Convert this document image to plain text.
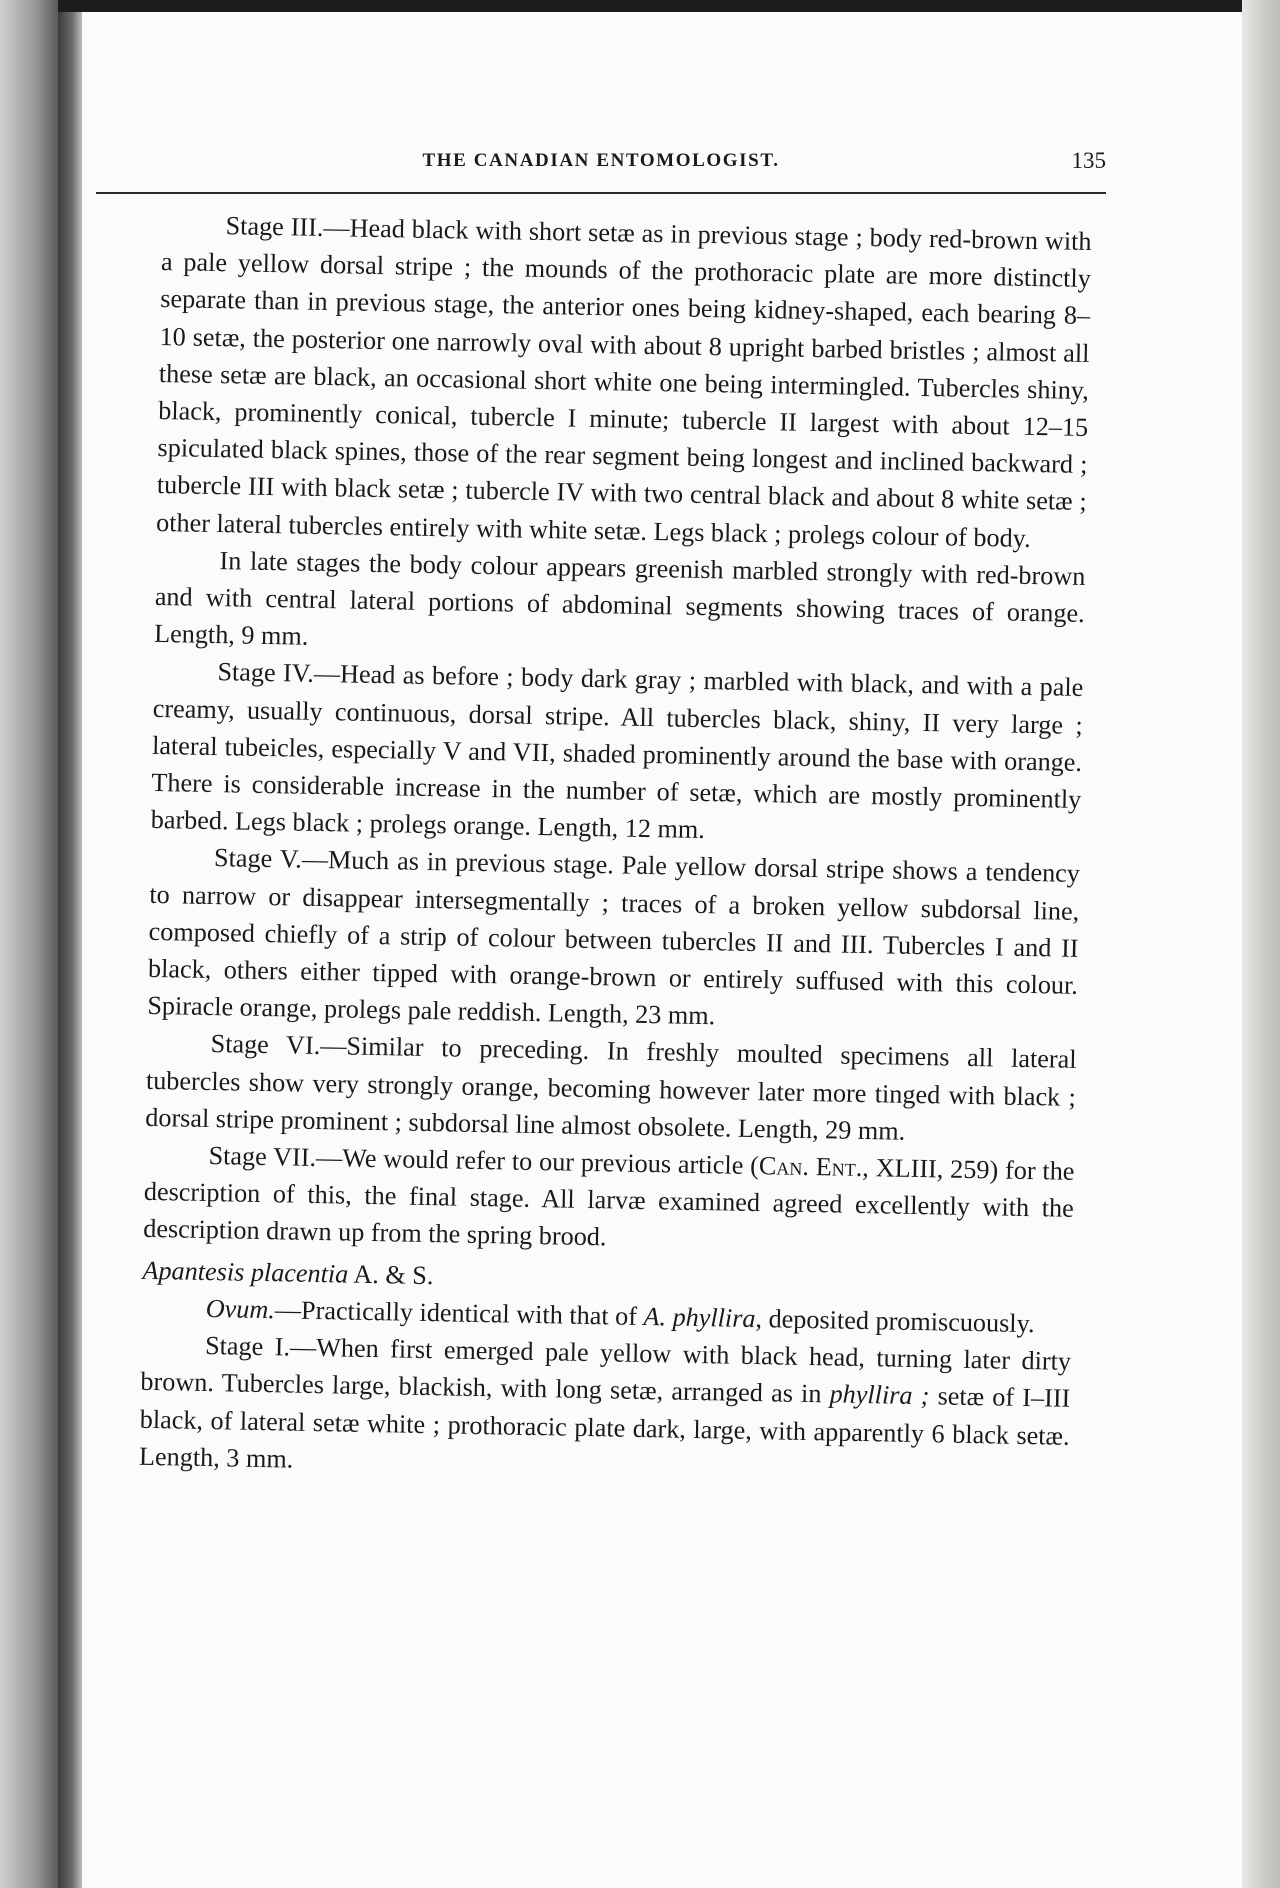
THE CANADIAN ENTOMOLOGIST.	135

Stage III.—Head black with short setæ as in previous stage ; body red-brown with a pale yellow dorsal stripe ; the mounds of the prothoracic plate are more distinctly separate than in previous stage, the anterior ones being kidney-shaped, each bearing 8–10 setæ, the posterior one narrowly oval with about 8 upright barbed bristles ; almost all these setæ are black, an occasional short white one being intermingled. Tubercles shiny, black, prominently conical, tubercle I minute; tubercle II largest with about 12–15 spiculated black spines, those of the rear segment being longest and inclined backward ; tubercle III with black setæ ; tubercle IV with two central black and about 8 white setæ ; other lateral tubercles entirely with white setæ. Legs black ; prolegs colour of body.

In late stages the body colour appears greenish marbled strongly with red-brown and with central lateral portions of abdominal segments showing traces of orange. Length, 9 mm.

Stage IV.—Head as before ; body dark gray ; marbled with black, and with a pale creamy, usually continuous, dorsal stripe. All tubercles black, shiny, II very large ; lateral tubeicles, especially V and VII, shaded prominently around the base with orange. There is considerable increase in the number of setæ, which are mostly prominently barbed. Legs black ; prolegs orange. Length, 12 mm.

Stage V.—Much as in previous stage. Pale yellow dorsal stripe shows a tendency to narrow or disappear intersegmentally ; traces of a broken yellow subdorsal line, composed chiefly of a strip of colour between tubercles II and III. Tubercles I and II black, others either tipped with orange-brown or entirely suffused with this colour. Spiracle orange, prolegs pale reddish. Length, 23 mm.

Stage VI.—Similar to preceding. In freshly moulted specimens all lateral tubercles show very strongly orange, becoming however later more tinged with black ; dorsal stripe prominent ; subdorsal line almost obsolete. Length, 29 mm.

Stage VII.—We would refer to our previous article (Can. Ent., XLIII, 259) for the description of this, the final stage. All larvæ examined agreed excellently with the description drawn up from the spring brood.

Apantesis placentia A. & S.

Ovum.—Practically identical with that of A. phyllira, deposited promiscuously.

Stage I.—When first emerged pale yellow with black head, turning later dirty brown. Tubercles large, blackish, with long setæ, arranged as in phyllira ; setæ of I–III black, of lateral setæ white ; prothoracic plate dark, large, with apparently 6 black setæ. Length, 3 mm.
